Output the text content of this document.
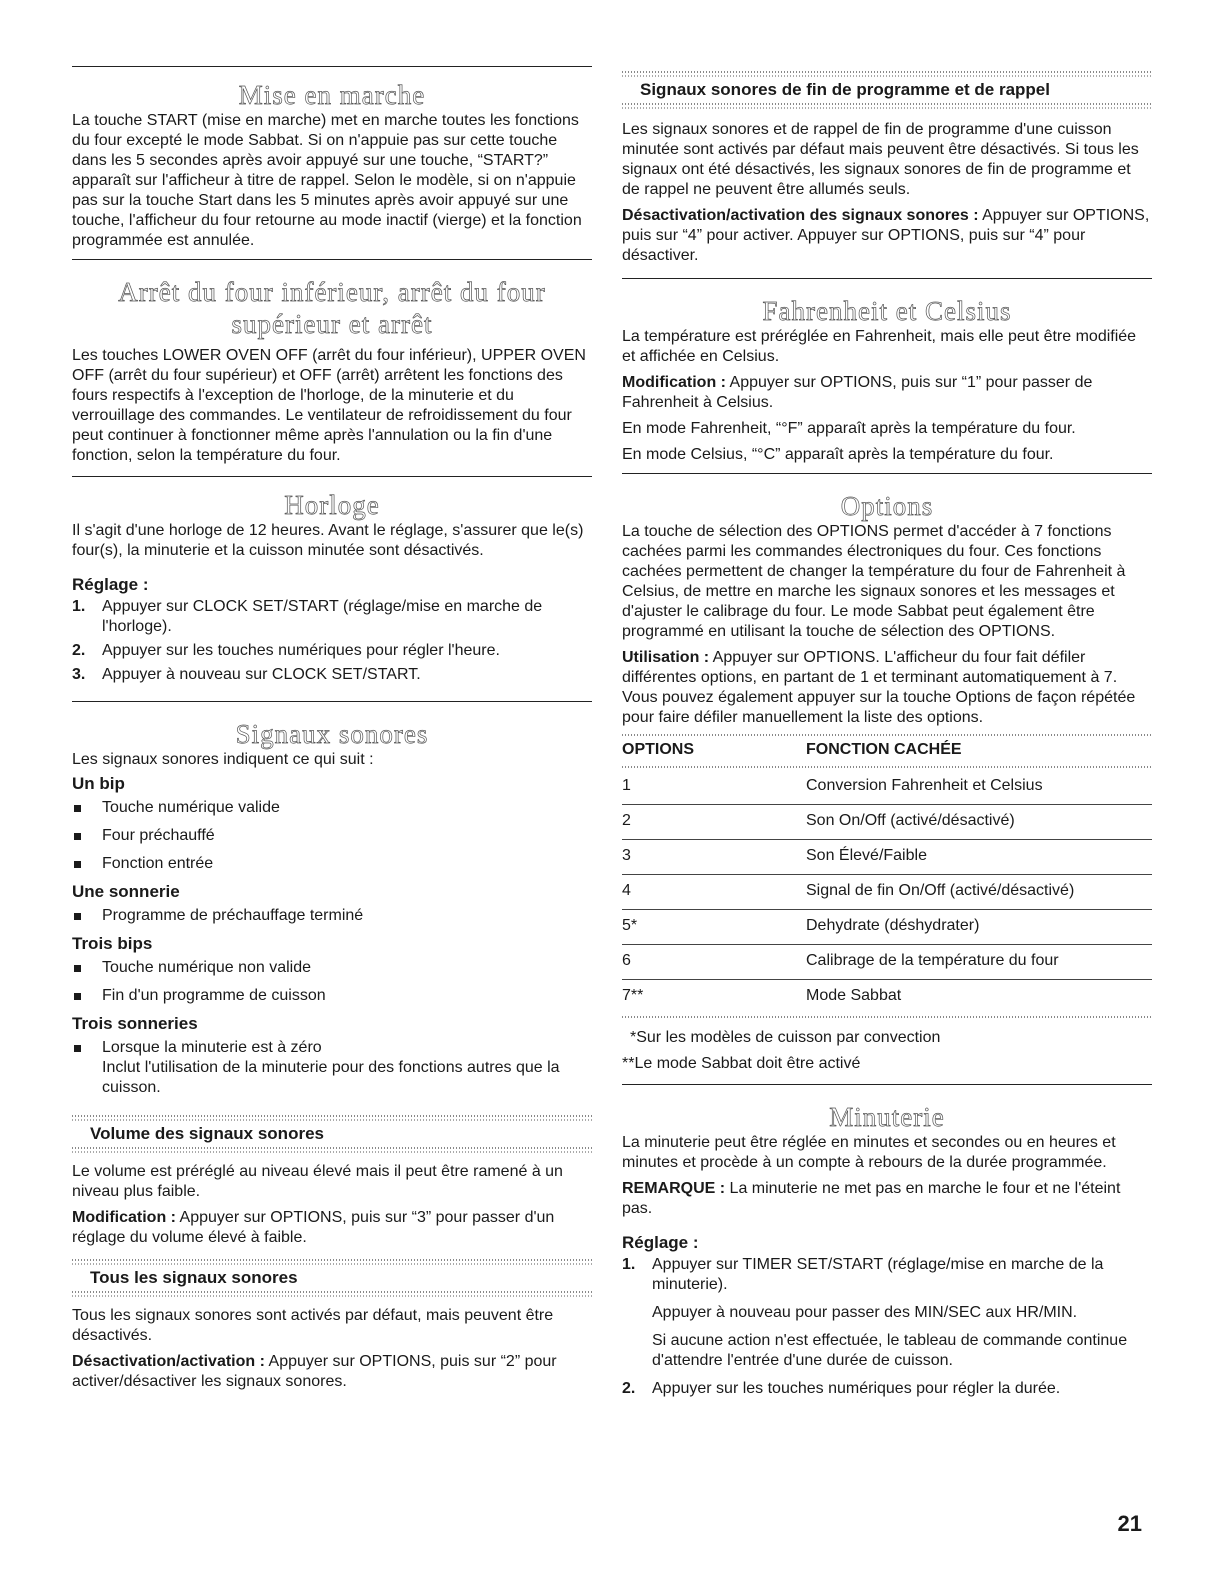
Mise en marche

La touche START (mise en marche) met en marche toutes les fonctions du four excepté le mode Sabbat. Si on n'appuie pas sur cette touche dans les 5 secondes après avoir appuyé sur une touche, “START?” apparaît sur l'afficheur à titre de rappel. Selon le modèle, si on n'appuie pas sur la touche Start dans les 5 minutes après avoir appuyé sur une touche, l'afficheur du four retourne au mode inactif (vierge) et la fonction programmée est annulée.

Arrêt du four inférieur, arrêt du four supérieur et arrêt

Les touches LOWER OVEN OFF (arrêt du four inférieur), UPPER OVEN OFF (arrêt du four supérieur) et OFF (arrêt) arrêtent les fonctions des fours respectifs à l'exception de l'horloge, de la minuterie et du verrouillage des commandes. Le ventilateur de refroidissement du four peut continuer à fonctionner même après l'annulation ou la fin d'une fonction, selon la température du four.

Horloge

Il s'agit d'une horloge de 12 heures. Avant le réglage, s'assurer que le(s) four(s), la minuterie et la cuisson minutée sont désactivés.

Réglage :
1. Appuyer sur CLOCK SET/START (réglage/mise en marche de l'horloge).
2. Appuyer sur les touches numériques pour régler l'heure.
3. Appuyer à nouveau sur CLOCK SET/START.
Signaux sonores

Les signaux sonores indiquent ce qui suit :

Un bip
Touche numérique valide
Four préchauffé
Fonction entrée
Une sonnerie
Programme de préchauffage terminé
Trois bips
Touche numérique non valide
Fin d'un programme de cuisson
Trois sonneries
Lorsque la minuterie est à zéro
Inclut l'utilisation de la minuterie pour des fonctions autres que la cuisson.
Volume des signaux sonores

Le volume est préréglé au niveau élevé mais il peut être ramené à un niveau plus faible.

Modification : Appuyer sur OPTIONS, puis sur “3” pour passer d'un réglage du volume élevé à faible.

Tous les signaux sonores

Tous les signaux sonores sont activés par défaut, mais peuvent être désactivés.

Désactivation/activation : Appuyer sur OPTIONS, puis sur “2” pour activer/désactiver les signaux sonores.

Signaux sonores de fin de programme et de rappel

Les signaux sonores et de rappel de fin de programme d'une cuisson minutée sont activés par défaut mais peuvent être désactivés. Si tous les signaux ont été désactivés, les signaux sonores de fin de programme et de rappel ne peuvent être allumés seuls.

Désactivation/activation des signaux sonores : Appuyer sur OPTIONS, puis sur “4” pour activer. Appuyer sur OPTIONS, puis sur “4” pour désactiver.

Fahrenheit et Celsius

La température est préréglée en Fahrenheit, mais elle peut être modifiée et affichée en Celsius.

Modification : Appuyer sur OPTIONS, puis sur “1” pour passer de Fahrenheit à Celsius.

En mode Fahrenheit, “°F” apparaît après la température du four.

En mode Celsius, “°C” apparaît après la température du four.

Options

La touche de sélection des OPTIONS permet d'accéder à 7 fonctions cachées parmi les commandes électroniques du four. Ces fonctions cachées permettent de changer la température du four de Fahrenheit à Celsius, de mettre en marche les signaux sonores et les messages et d'ajuster le calibrage du four. Le mode Sabbat peut également être programmé en utilisant la touche de sélection des OPTIONS.

Utilisation : Appuyer sur OPTIONS. L'afficheur du four fait défiler différentes options, en partant de 1 et terminant automatiquement à 7. Vous pouvez également appuyer sur la touche Options de façon répétée pour faire défiler manuellement la liste des options.

OPTIONS	FONCTION CACHÉE
1	Conversion Fahrenheit et Celsius
2	Son On/Off (activé/désactivé)
3	Son Élevé/Faible
4	Signal de fin On/Off (activé/désactivé)
5*	Dehydrate (déshydrater)
6	Calibrage de la température du four
7**	Mode Sabbat

*Sur les modèles de cuisson par convection

**Le mode Sabbat doit être activé

Minuterie

La minuterie peut être réglée en minutes et secondes ou en heures et minutes et procède à un compte à rebours de la durée programmée.

REMARQUE : La minuterie ne met pas en marche le four et ne l'éteint pas.

Réglage :
1. Appuyer sur TIMER SET/START (réglage/mise en marche de la minuterie).

Appuyer à nouveau pour passer des MIN/SEC aux HR/MIN.

Si aucune action n'est effectuée, le tableau de commande continue d'attendre l'entrée d'une durée de cuisson.

2. Appuyer sur les touches numériques pour régler la durée.
21
